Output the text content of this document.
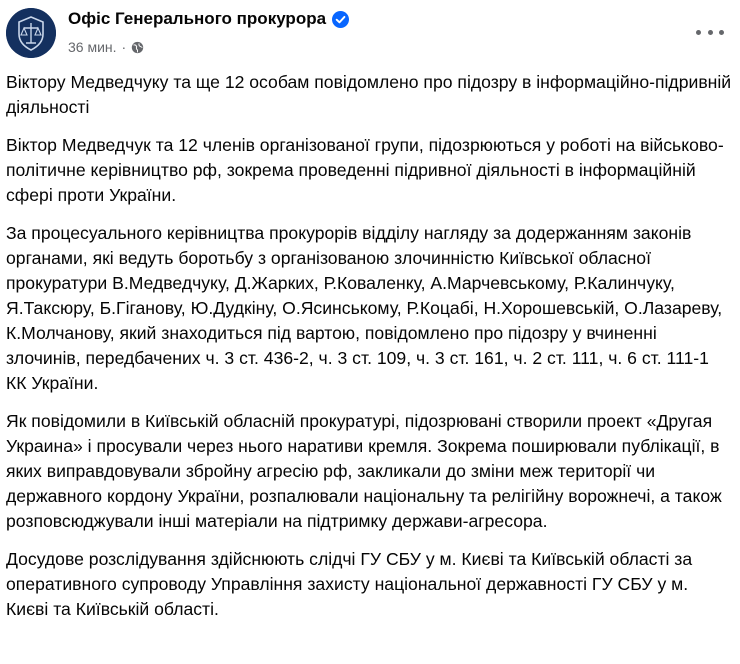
Офіс Генерального прокурора
36 мин. ·

Віктору Медведчуку та ще 12 особам повідомлено про підозру в інформаційно-підривній діяльності

Віктор Медведчук та 12 членів організованої групи, підозрюються у роботі на військово-політичне керівництво рф, зокрема проведенні підривної діяльності в інформаційній сфері проти України.

За процесуального керівництва прокурорів відділу нагляду за додержанням законів органами, які ведуть боротьбу з організованою злочинністю Київської обласної прокуратури В.Медведчуку, Д.Жарких, Р.Коваленку, А.Марчевському, Р.Калинчуку, Я.Таксюру, Б.Гіганову, Ю.Дудкіну, О.Ясинському, Р.Коцабі, Н.Хорошевській, О.Лазареву, К.Молчанову, який знаходиться під вартою, повідомлено про підозру у вчиненні злочинів, передбачених ч. 3 ст. 436-2, ч. 3 ст. 109, ч. 3 ст. 161, ч. 2 ст. 111, ч. 6 ст. 111-1 КК України.

Як повідомили в Київській обласній прокуратурі, підозрювані створили проект «Другая Украина» і просували через нього наративи кремля. Зокрема поширювали публікації, в яких виправдовували збройну агресію рф, закликали до зміни меж території чи державного кордону України, розпалювали національну та релігійну ворожнечі, а також розповсюджували інші матеріали на підтримку держави-агресора.

Досудове розслідування здійснюють слідчі ГУ СБУ у м. Києві та Київській області за оперативного супроводу Управління захисту національної державності ГУ СБУ у м. Києві та Київській області.
